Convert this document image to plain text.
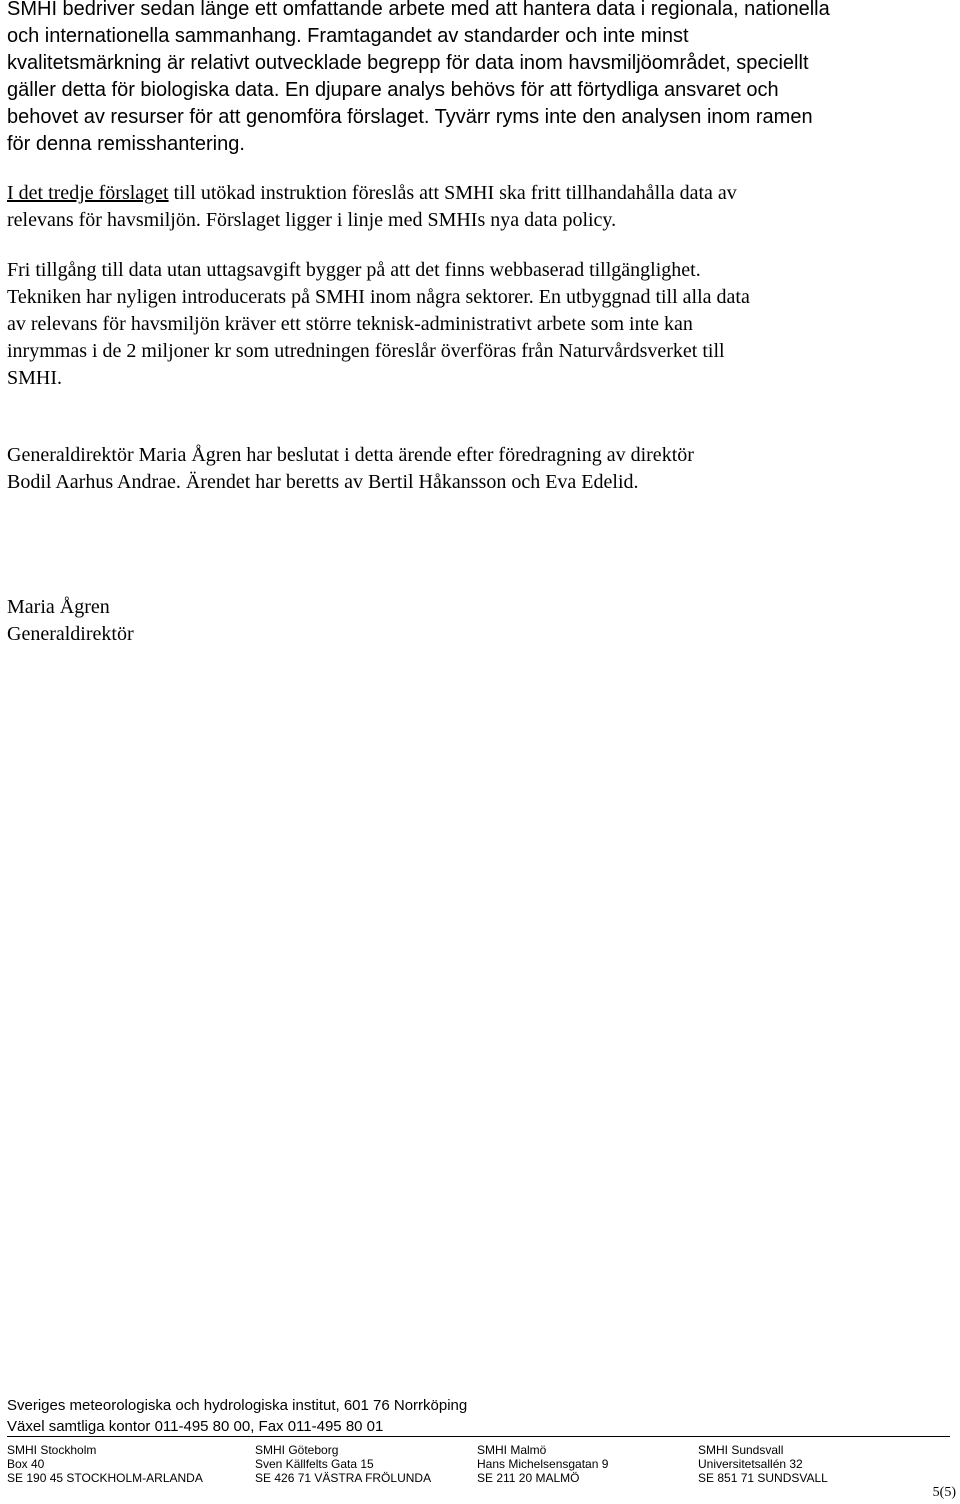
SMHI bedriver sedan länge ett omfattande arbete med att hantera data i regionala, nationella
och internationella sammanhang. Framtagandet av standarder och inte minst
kvalitetsmärkning är relativt outvecklade begrepp för data inom havsmiljöområdet, speciellt
gäller detta för biologiska data. En djupare analys behövs för att förtydliga ansvaret och
behovet av resurser för att genomföra förslaget. Tyvärr ryms inte den analysen inom ramen
för denna remisshantering.
I det tredje förslaget till utökad instruktion föreslås att SMHI ska fritt tillhandahålla data av
relevans för havsmiljön. Förslaget ligger i linje med SMHIs nya data policy.
Fri tillgång till data utan uttagsavgift bygger på att det finns webbaserad tillgänglighet.
Tekniken har nyligen introducerats på SMHI inom några sektorer. En utbyggnad till alla data
av relevans för havsmiljön kräver ett större teknisk-administrativt arbete som inte kan
inrymmas i de 2 miljoner kr som utredningen föreslår överföras från Naturvårdsverket till
SMHI.
Generaldirektör Maria Ågren har beslutat i detta ärende efter föredragning av direktör
Bodil Aarhus Andrae. Ärendet har beretts av Bertil Håkansson och Eva Edelid.
Maria Ågren
Generaldirektör
Sveriges meteorologiska och hydrologiska institut, 601 76 Norrköping
Växel samtliga kontor 011-495 80 00, Fax 011-495 80 01
SMHI Stockholm
Box 40
SE 190 45 STOCKHOLM-ARLANDA
SMHI Göteborg
Sven Källfelts Gata 15
SE 426 71 VÄSTRA FRÖLUNDA
SMHI Malmö
Hans Michelsensgatan 9
SE 211 20 MALMÖ
SMHI Sundsvall
Universitetsallén 32
SE 851 71 SUNDSVALL
5(5)
